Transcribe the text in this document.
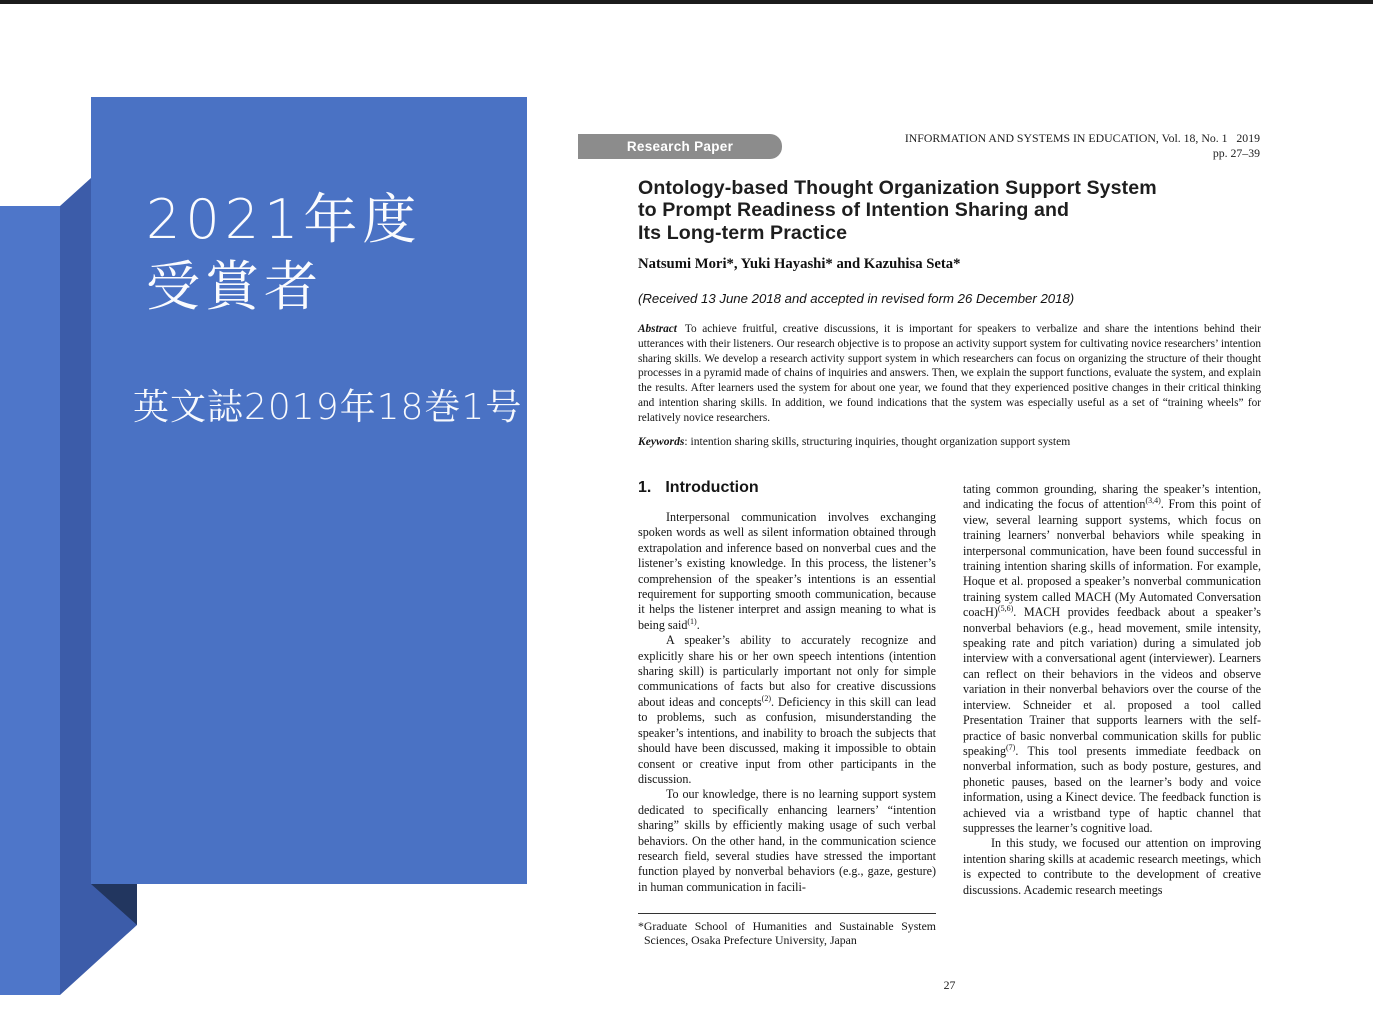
2021年度
受賞者
英文誌2019年18巻1号
Research Paper
INFORMATION AND SYSTEMS IN EDUCATION, Vol. 18, No. 1   2019
pp. 27–39
Ontology-based Thought Organization Support System
to Prompt Readiness of Intention Sharing and
Its Long-term Practice
Natsumi Mori*, Yuki Hayashi* and Kazuhisa Seta*
(Received 13 June 2018 and accepted in revised form 26 December 2018)

Abstract To achieve fruitful, creative discussions, it is important for speakers to verbalize and share the intentions behind their utterances with their listeners. Our research objective is to propose an activity support system for cultivating novice researchers’ intention sharing skills. We develop a research activity support system in which researchers can focus on organizing the structure of their thought processes in a pyramid made of chains of inquiries and answers. Then, we explain the support functions, evaluate the system, and explain the results. After learners used the system for about one year, we found that they experienced positive changes in their critical thinking and intention sharing skills. In addition, we found indications that the system was especially useful as a set of “training wheels” for relatively novice researchers.

Keywords: intention sharing skills, structuring inquiries, thought organization support system

1. Introduction

Interpersonal communication involves exchanging spoken words as well as silent information obtained through extrapolation and inference based on nonverbal cues and the listener’s existing knowledge. In this process, the listener’s comprehension of the speaker’s intentions is an essential requirement for supporting smooth communication, because it helps the listener interpret and assign meaning to what is being said$^{(1)}$.

A speaker’s ability to accurately recognize and explicitly share his or her own speech intentions (intention sharing skill) is particularly important not only for simple communications of facts but also for creative discussions about ideas and concepts$^{(2)}$. Deficiency in this skill can lead to problems, such as confusion, misunderstanding the speaker’s intentions, and inability to broach the subjects that should have been discussed, making it impossible to obtain consent or creative input from other participants in the discussion.

To our knowledge, there is no learning support system dedicated to specifically enhancing learners’ “intention sharing” skills by efficiently making usage of such verbal behaviors. On the other hand, in the communication science research field, several studies have stressed the important function played by nonverbal behaviors (e.g., gaze, gesture) in human communication in facili-

tating common grounding, sharing the speaker’s intention, and indicating the focus of attention$^{(3,4)}$. From this point of view, several learning support systems, which focus on training learners’ nonverbal behaviors while speaking in interpersonal communication, have been found successful in training intention sharing skills of information. For example, Hoque et al. proposed a speaker’s nonverbal communication training system called MACH (My Automated Conversation coacH)$^{(5,6)}$. MACH provides feedback about a speaker’s nonverbal behaviors (e.g., head movement, smile intensity, speaking rate and pitch variation) during a simulated job interview with a conversational agent (interviewer). Learners can reflect on their behaviors in the videos and observe variation in their nonverbal behaviors over the course of the interview. Schneider et al. proposed a tool called Presentation Trainer that supports learners with the self-practice of basic nonverbal communication skills for public speaking$^{(7)}$. This tool presents immediate feedback on nonverbal information, such as body posture, gestures, and phonetic pauses, based on the learner’s body and voice information, using a Kinect device. The feedback function is achieved via a wristband type of haptic channel that suppresses the learner’s cognitive load.

In this study, we focused our attention on improving intention sharing skills at academic research meetings, which is expected to contribute to the development of creative discussions. Academic research meetings

*Graduate School of Humanities and Sustainable System
Sciences, Osaka Prefecture University, Japan
27
